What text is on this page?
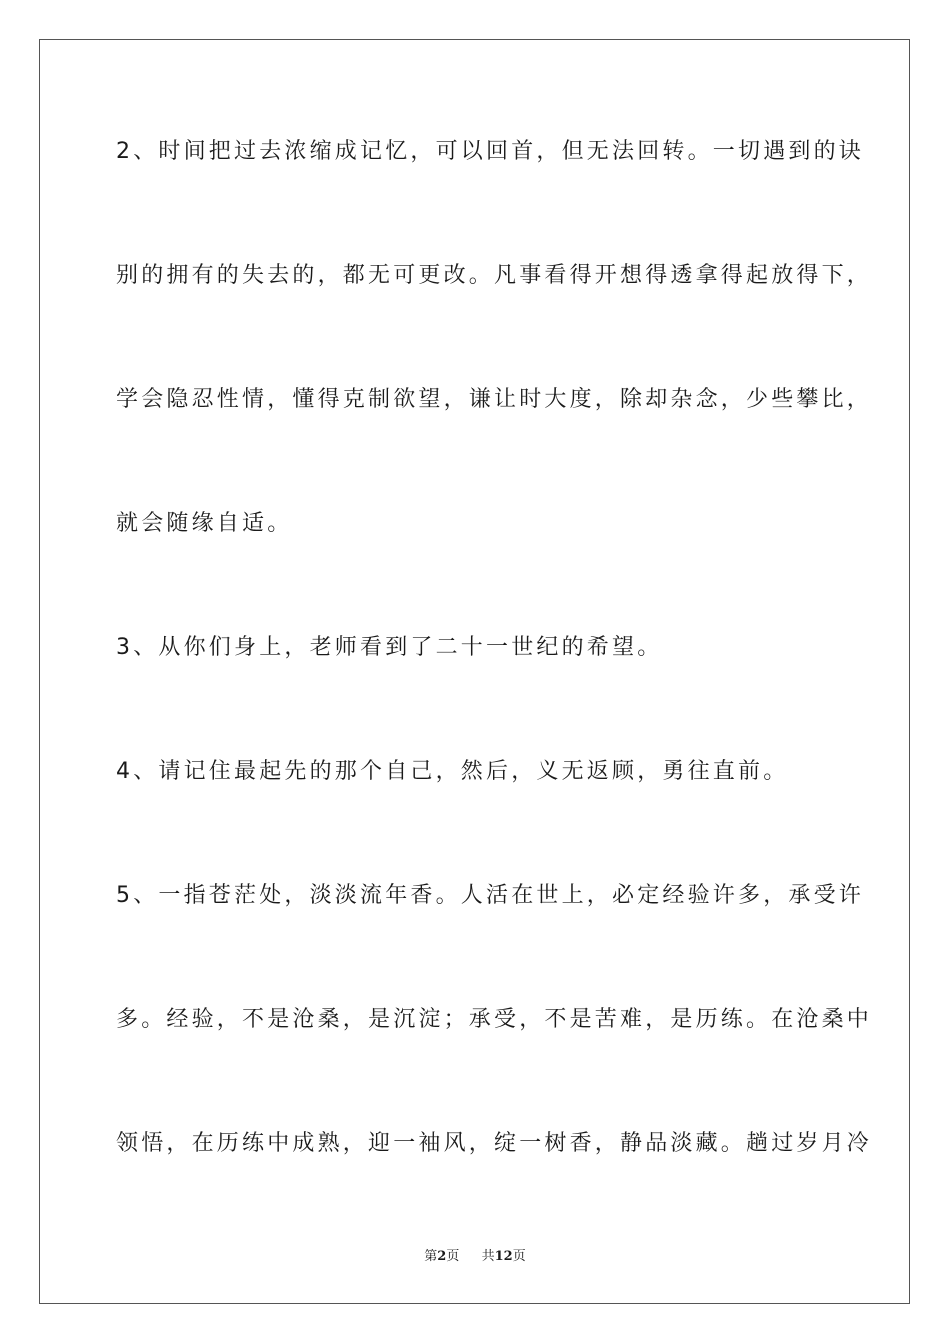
2、时间把过去浓缩成记忆，可以回首，但无法回转。一切遇到的诀
别的拥有的失去的，都无可更改。凡事看得开想得透拿得起放得下，
学会隐忍性情，懂得克制欲望，谦让时大度，除却杂念，少些攀比，
就会随缘自适。
3、从你们身上，老师看到了二十一世纪的希望。
4、请记住最起先的那个自己，然后，义无返顾，勇往直前。
5、一指苍茫处，淡淡流年香。人活在世上，必定经验许多，承受许
多。经验，不是沧桑，是沉淀；承受，不是苦难，是历练。在沧桑中
领悟，在历练中成熟，迎一袖风，绽一树香，静品淡藏。趟过岁月冷
第2页 共12页
